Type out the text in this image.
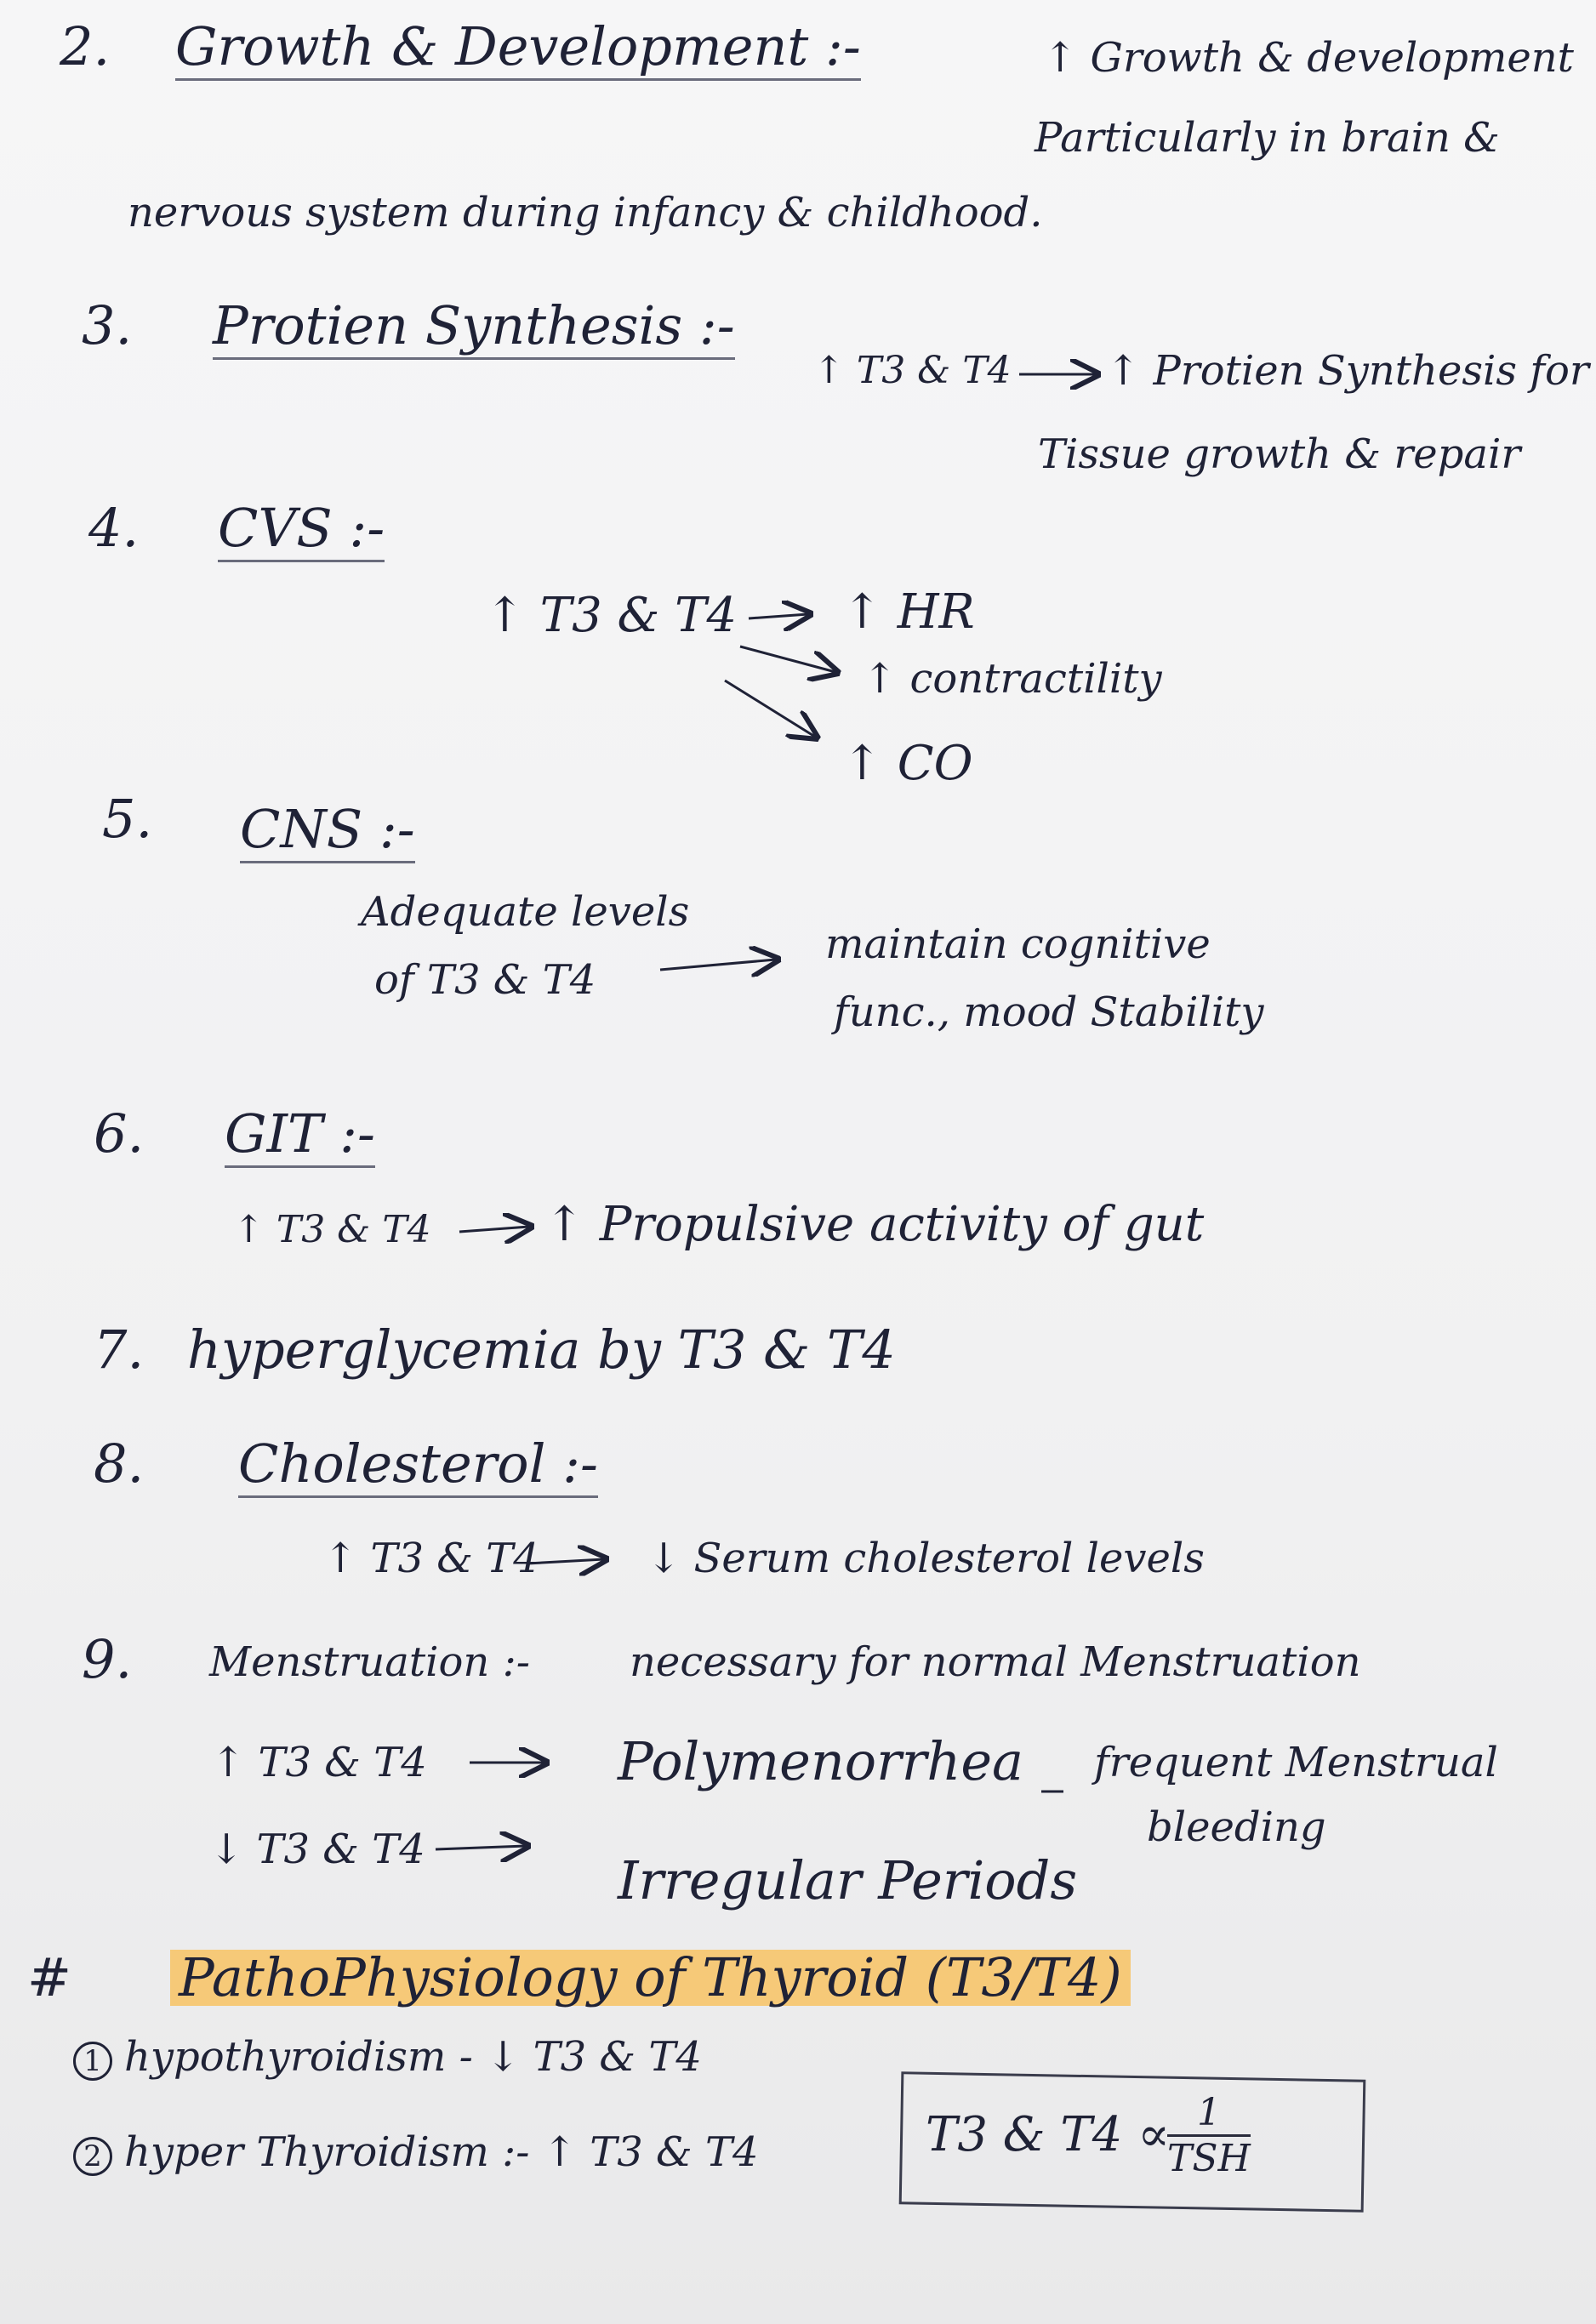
2. Growth & Development :-	↑ Growth & development
Particularly in brain &
nervous system during infancy & childhood.
3. Protien Synthesis :-
↑ T3 & T4 ↑ Protien Synthesis for
Tissue growth & repair
4. CVS :-
↑ T3 & T4 ↑ HR
↑ contractility
↑ CO
5. CNS :-
Adequate levels
of T3 & T4
maintain cognitive
func., mood Stability
6. GIT :-
↑ T3 & T4 ↑ Propulsive activity of gut
7. hyperglycemia by T3 & T4
8. Cholesterol :-
↑ T3 & T4	↓ Serum cholesterol levels
9. Menstruation :- necessary for normal Menstruation
↑ T3 & T4	Polymenorrhea frequent Menstrual
bleeding
↓ T3 & T4	Irregular Periods
# PathoPhysiology of Thyroid (T3/T4)
1 hypothyroidism - ↓ T3 & T4
2 hyper Thyroidism :- ↑ T3 & T4	T3 & T4 ∝ 1
TSH
